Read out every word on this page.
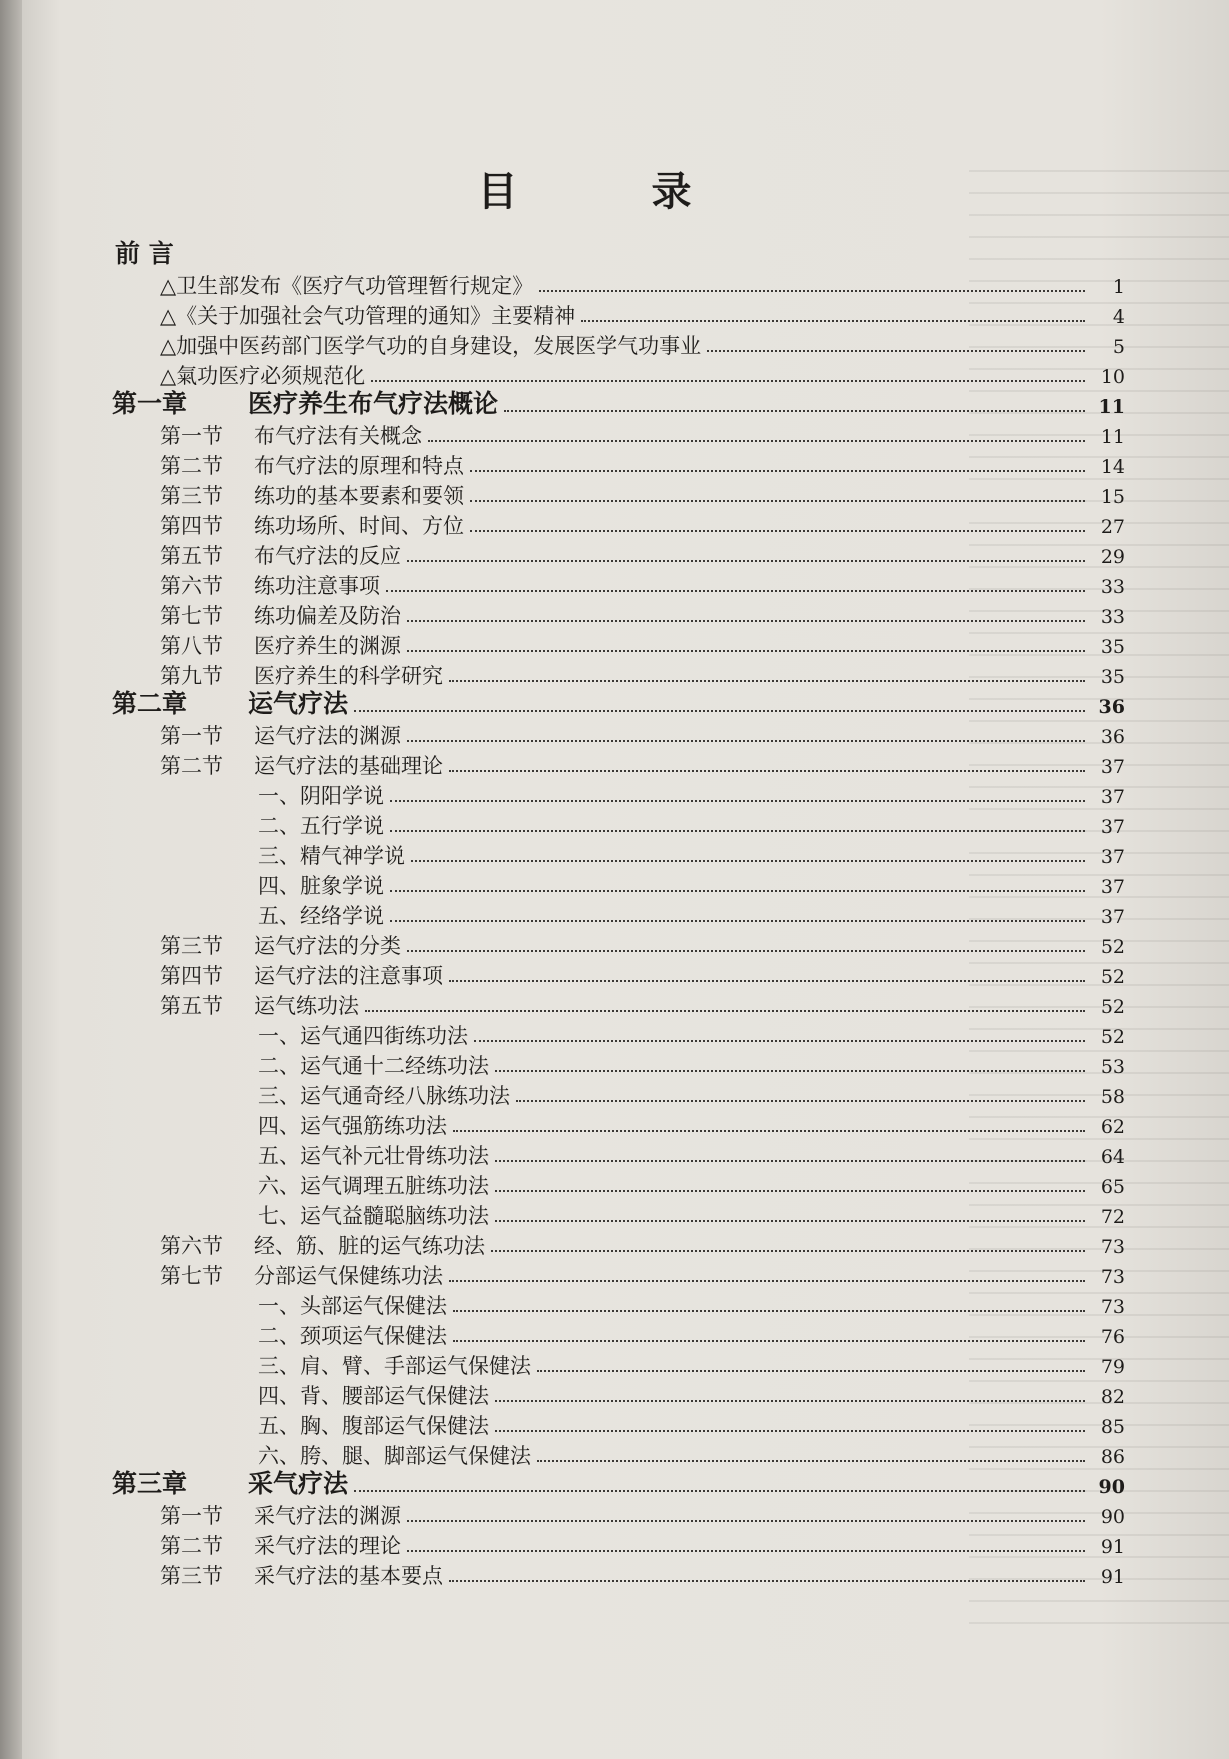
目 录
前 言
△卫生部发布《医疗气功管理暂行规定》	1
△《关于加强社会气功管理的通知》主要精神	4
△加强中医药部门医学气功的自身建设，发展医学气功事业	5
△氣功医疗必须规范化	10
第一章 医疗养生布气疗法概论	11
第一节 布气疗法有关概念	11
第二节 布气疗法的原理和特点	14
第三节 练功的基本要素和要领	15
第四节 练功场所、时间、方位	27
第五节 布气疗法的反应	29
第六节 练功注意事项	33
第七节 练功偏差及防治	33
第八节 医疗养生的渊源	35
第九节 医疗养生的科学研究	35
第二章 运气疗法	36
第一节 运气疗法的渊源	36
第二节 运气疗法的基础理论	37
一、阴阳学说	37
二、五行学说	37
三、精气神学说	37
四、脏象学说	37
五、经络学说	37
第三节 运气疗法的分类	52
第四节 运气疗法的注意事项	52
第五节 运气练功法	52
一、运气通四街练功法	52
二、运气通十二经练功法	53
三、运气通奇经八脉练功法	58
四、运气强筋练功法	62
五、运气补元壮骨练功法	64
六、运气调理五脏练功法	65
七、运气益髓聪脑练功法	72
第六节 经、筋、脏的运气练功法	73
第七节 分部运气保健练功法	73
一、头部运气保健法	73
二、颈项运气保健法	76
三、肩、臂、手部运气保健法	79
四、背、腰部运气保健法	82
五、胸、腹部运气保健法	85
六、胯、腿、脚部运气保健法	86
第三章 采气疗法	90
第一节 采气疗法的渊源	90
第二节 采气疗法的理论	91
第三节 采气疗法的基本要点	91
